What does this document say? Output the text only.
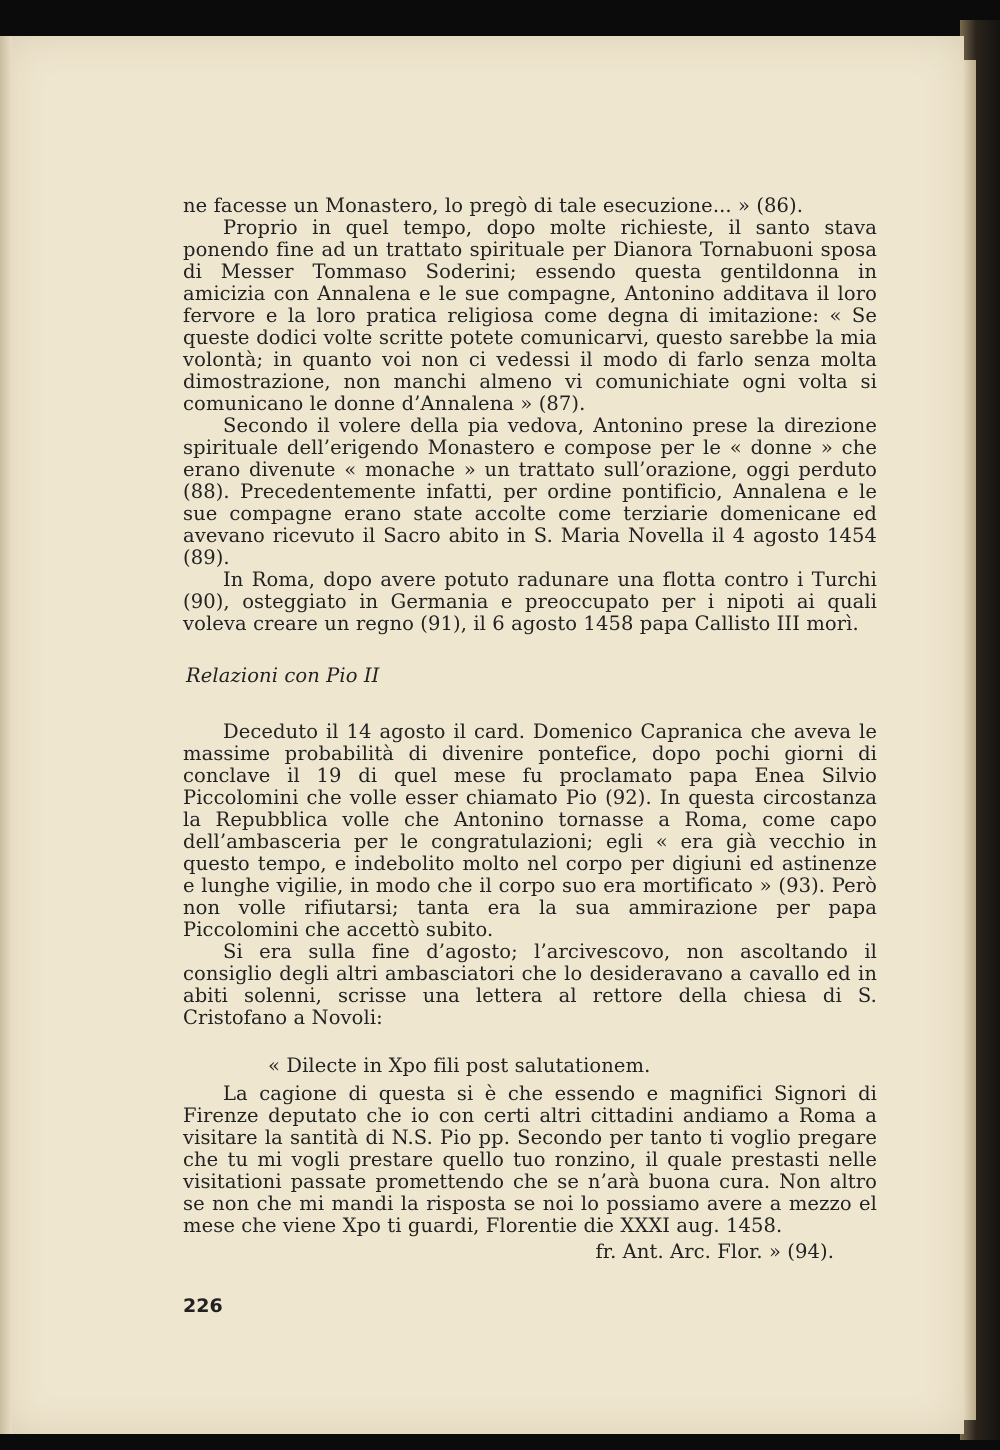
ne facesse un Monastero, lo pregò di tale esecuzione... » (86).

Proprio in quel tempo, dopo molte richieste, il santo stava ponendo fine ad un trattato spirituale per Dianora Tornabuoni sposa di Messer Tommaso Soderini; essendo questa gentildonna in amicizia con Annalena e le sue compagne, Antonino additava il loro fervore e la loro pratica religiosa come degna di imitazione: « Se queste dodici volte scritte potete comunicarvi, questo sarebbe la mia volontà; in quanto voi non ci vedessi il modo di farlo senza molta dimostrazione, non manchi almeno vi comunichiate ogni volta si comunicano le donne d’Annalena » (87).

Secondo il volere della pia vedova, Antonino prese la direzione spirituale dell’erigendo Monastero e compose per le « donne » che erano divenute « monache » un trattato sull’orazione, oggi perduto (88). Precedentemente infatti, per ordine pontificio, Annalena e le sue compagne erano state accolte come terziarie domenicane ed avevano ricevuto il Sacro abito in S. Maria Novella il 4 agosto 1454 (89).

In Roma, dopo avere potuto radunare una flotta contro i Turchi (90), osteggiato in Germania e preoccupato per i nipoti ai quali voleva creare un regno (91), il 6 agosto 1458 papa Callisto III morì.

Relazioni con Pio II

Deceduto il 14 agosto il card. Domenico Capranica che aveva le massime probabilità di divenire pontefice, dopo pochi giorni di conclave il 19 di quel mese fu proclamato papa Enea Silvio Piccolomini che volle esser chiamato Pio (92). In questa circostanza la Repubblica volle che Antonino tornasse a Roma, come capo dell’ambasceria per le congratulazioni; egli « era già vecchio in questo tempo, e indebolito molto nel corpo per digiuni ed astinenze e lunghe vigilie, in modo che il corpo suo era mortificato » (93). Però non volle rifiutarsi; tanta era la sua ammirazione per papa Piccolomini che accettò subito.

Si era sulla fine d’agosto; l’arcivescovo, non ascoltando il consiglio degli altri ambasciatori che lo desideravano a cavallo ed in abiti solenni, scrisse una lettera al rettore della chiesa di S. Cristofano a Novoli:

« Dilecte in Xpo fili post salutationem.

La cagione di questa si è che essendo e magnifici Signori di Firenze deputato che io con certi altri cittadini andiamo a Roma a visitare la santità di N.S. Pio pp. Secondo per tanto ti voglio pregare che tu mi vogli prestare quello tuo ronzino, il quale prestasti nelle visitationi passate promettendo che se n’arà buona cura. Non altro se non che mi mandi la risposta se noi lo possiamo avere a mezzo el mese che viene Xpo ti guardi, Florentie die XXXI aug. 1458.

fr. Ant. Arc. Flor. » (94).

226
